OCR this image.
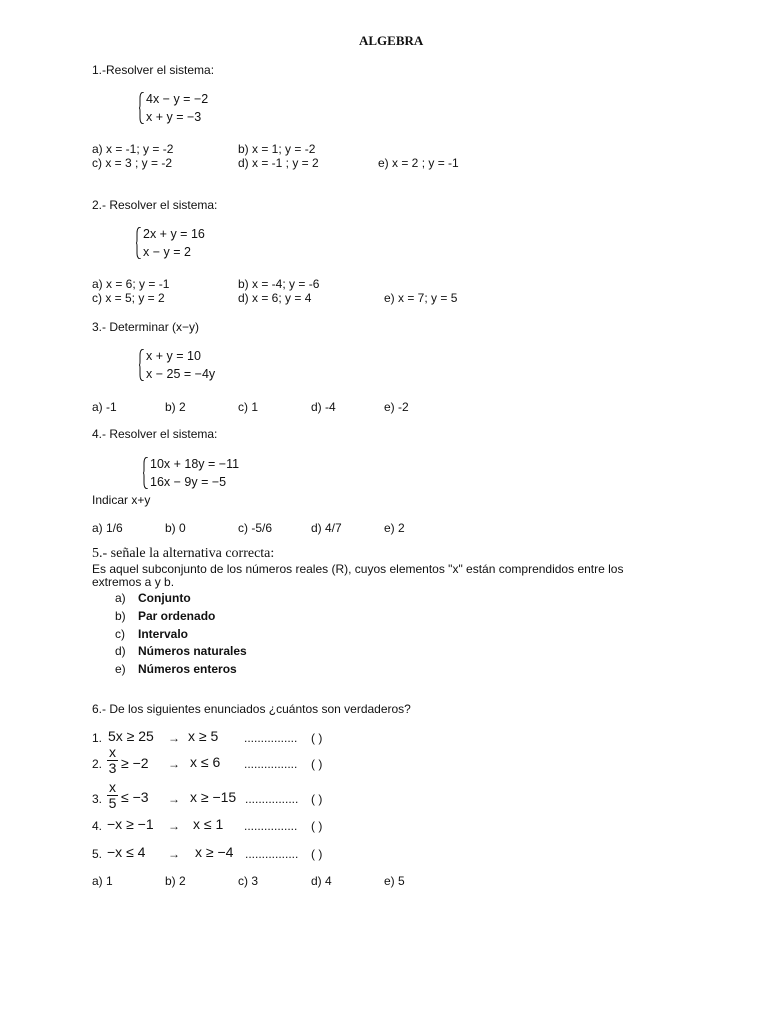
ALGEBRA
1.-Resolver el sistema:
4x − y = −2
x + y = −3
a) x = -1; y = -2	b) x = 1; y = -2
c) x = 3 ; y = -2	d) x = -1 ; y = 2	e) x = 2 ; y = -1
2.- Resolver el sistema:
2x + y = 16
x − y = 2
a) x = 6; y = -1	b) x = -4; y = -6
c) x = 5; y = 2	d) x = 6; y = 4	e) x = 7; y = 5
3.- Determinar (x−y)
x + y = 10
x − 25 = −4y
a) -1	b) 2	c) 1	d) -4	e) -2
4.- Resolver el sistema:
10x + 18y = −11
16x − 9y = −5
Indicar x+y
a) 1/6	b) 0	c) -5/6	d) 4/7	e) 2
5.- señale la alternativa correcta:
Es aquel subconjunto de los números reales (R), cuyos elementos "x" están comprendidos entre los
extremos a y b.
a) Conjunto
b) Par ordenado
c) Intervalo
d) Números naturales
e) Números enteros
6.- De los siguientes enunciados ¿cuántos son verdaderos?
1. 5x ≥ 25 → x ≥ 5 ................ ( )
2.
x
3 ≥ −2 → x ≤ 6 ................ ( )
3.
x
5 ≤ −3 → x ≥ −15 ................ ( )
4. −x ≥ −1 → x ≤ 1 ................ ( )
5. −x ≤ 4 → x ≥ −4 ................ ( )
a) 1	b) 2	c) 3	d) 4	e) 5
